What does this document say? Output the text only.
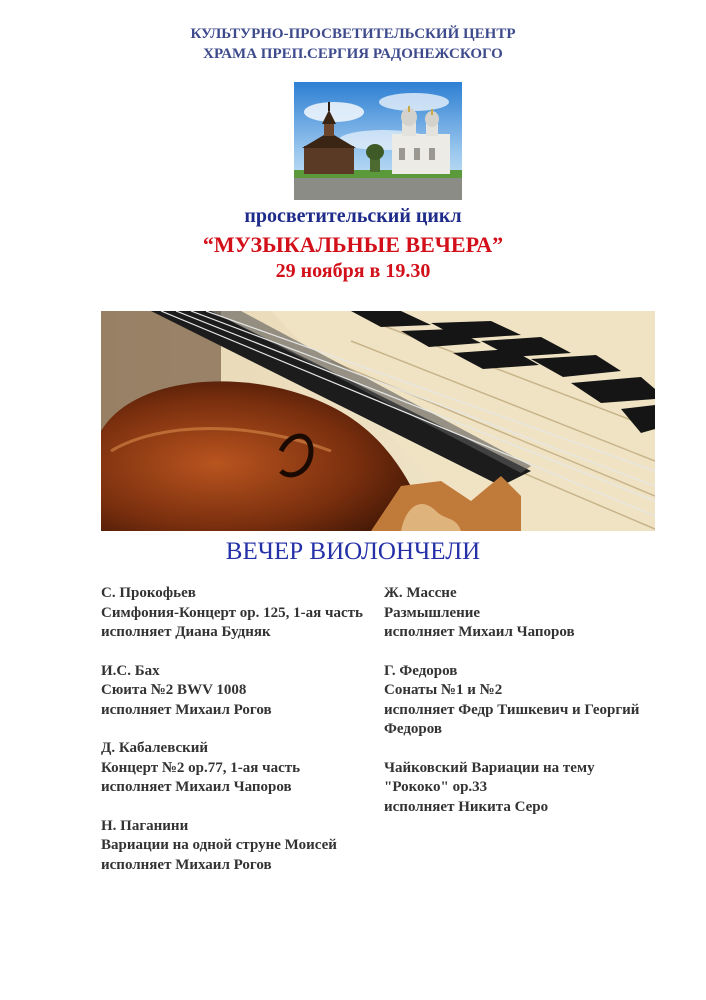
КУЛЬТУРНО-ПРОСВЕТИТЕЛЬСКИЙ ЦЕНТР
ХРАМА ПРЕП.СЕРГИЯ РАДОНЕЖСКОГО
просветительский цикл
“МУЗЫКАЛЬНЫЕ ВЕЧЕРА”
29 ноября в 19.30
ВЕЧЕР ВИОЛОНЧЕЛИ
С. Прокофьев
Симфония-Концерт ор. 125, 1-ая часть
исполняет Диана Будняк
И.С. Бах
Сюита №2 BWV 1008
исполняет Михаил Рогов
Д. Кабалевский
Концерт №2 ор.77, 1-ая часть
исполняет Михаил Чапоров
Н. Паганини
Вариации на одной струне Моисей
исполняет Михаил Рогов
Ж. Массне
Размышление
исполняет Михаил Чапоров
Г. Федоров
Сонаты №1 и №2
исполняет Федр Тишкевич и Георгий Федоров
Чайковский Вариации на тему
"Рококо" ор.33
исполняет Никита Серо
